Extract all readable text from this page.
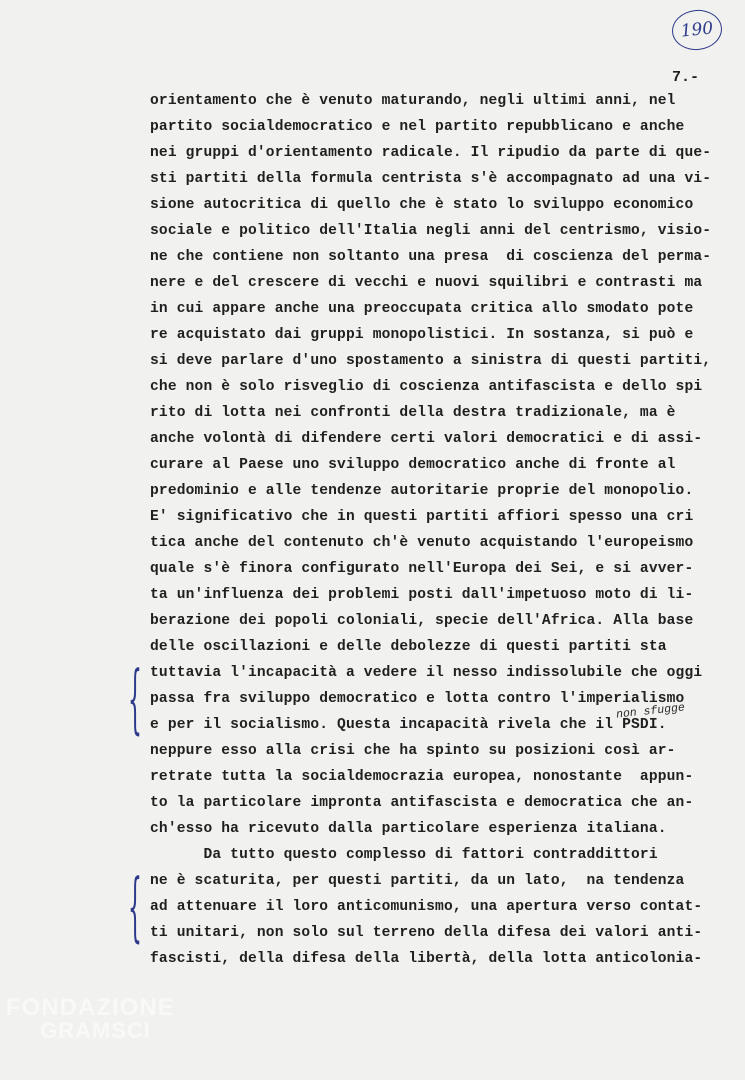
190
7.-

orientamento che è venuto maturando, negli ultimi anni, nel

partito socialdemocratico e nel partito repubblicano e anche

nei gruppi d'orientamento radicale. Il ripudio da parte di que-

sti partiti della formula centrista s'è accompagnato ad una vi-

sione autocritica di quello che è stato lo sviluppo economico

sociale e politico dell'Italia negli anni del centrismo, visio-

ne che contiene non soltanto una presa  di coscienza del perma-

nere e del crescere di vecchi e nuovi squilibri e contrasti ma

in cui appare anche una preoccupata critica allo smodato pote

re acquistato dai gruppi monopolistici. In sostanza, si può e

si deve parlare d'uno spostamento a sinistra di questi partiti,

che non è solo risveglio di coscienza antifascista e dello spi

rito di lotta nei confronti della destra tradizionale, ma è

anche volontà di difendere certi valori democratici e di assi-

curare al Paese uno sviluppo democratico anche di fronte al

predominio e alle tendenze autoritarie proprie del monopolio.

E' significativo che in questi partiti affiori spesso una cri

tica anche del contenuto ch'è venuto acquistando l'europeismo

quale s'è finora configurato nell'Europa dei Sei, e si avver-

ta un'influenza dei problemi posti dall'impetuoso moto di li-

berazione dei popoli coloniali, specie dell'Africa. Alla base

delle oscillazioni e delle debolezze di questi partiti sta

tuttavia l'incapacità a vedere il nesso indissolubile che oggi

passa fra sviluppo democratico e lotta contro l'imperialismo

e per il socialismo. Questa incapacità rivela che il PSDI.

neppure esso alla crisi che ha spinto su posizioni così ar-

retrate tutta la socialdemocrazia europea, nonostante  appun-

to la particolare impronta antifascista e democratica che an-

ch'esso ha ricevuto dalla particolare esperienza italiana.

Da tutto questo complesso di fattori contraddittori

ne è scaturita, per questi partiti, da un lato,  na tendenza

ad attenuare il loro anticomunismo, una apertura verso contat-

ti unitari, non solo sul terreno della difesa dei valori anti-

fascisti, della difesa della libertà, della lotta anticolonia-

non sfugge
{
{
FONDAZIONE
GRAMSCI
